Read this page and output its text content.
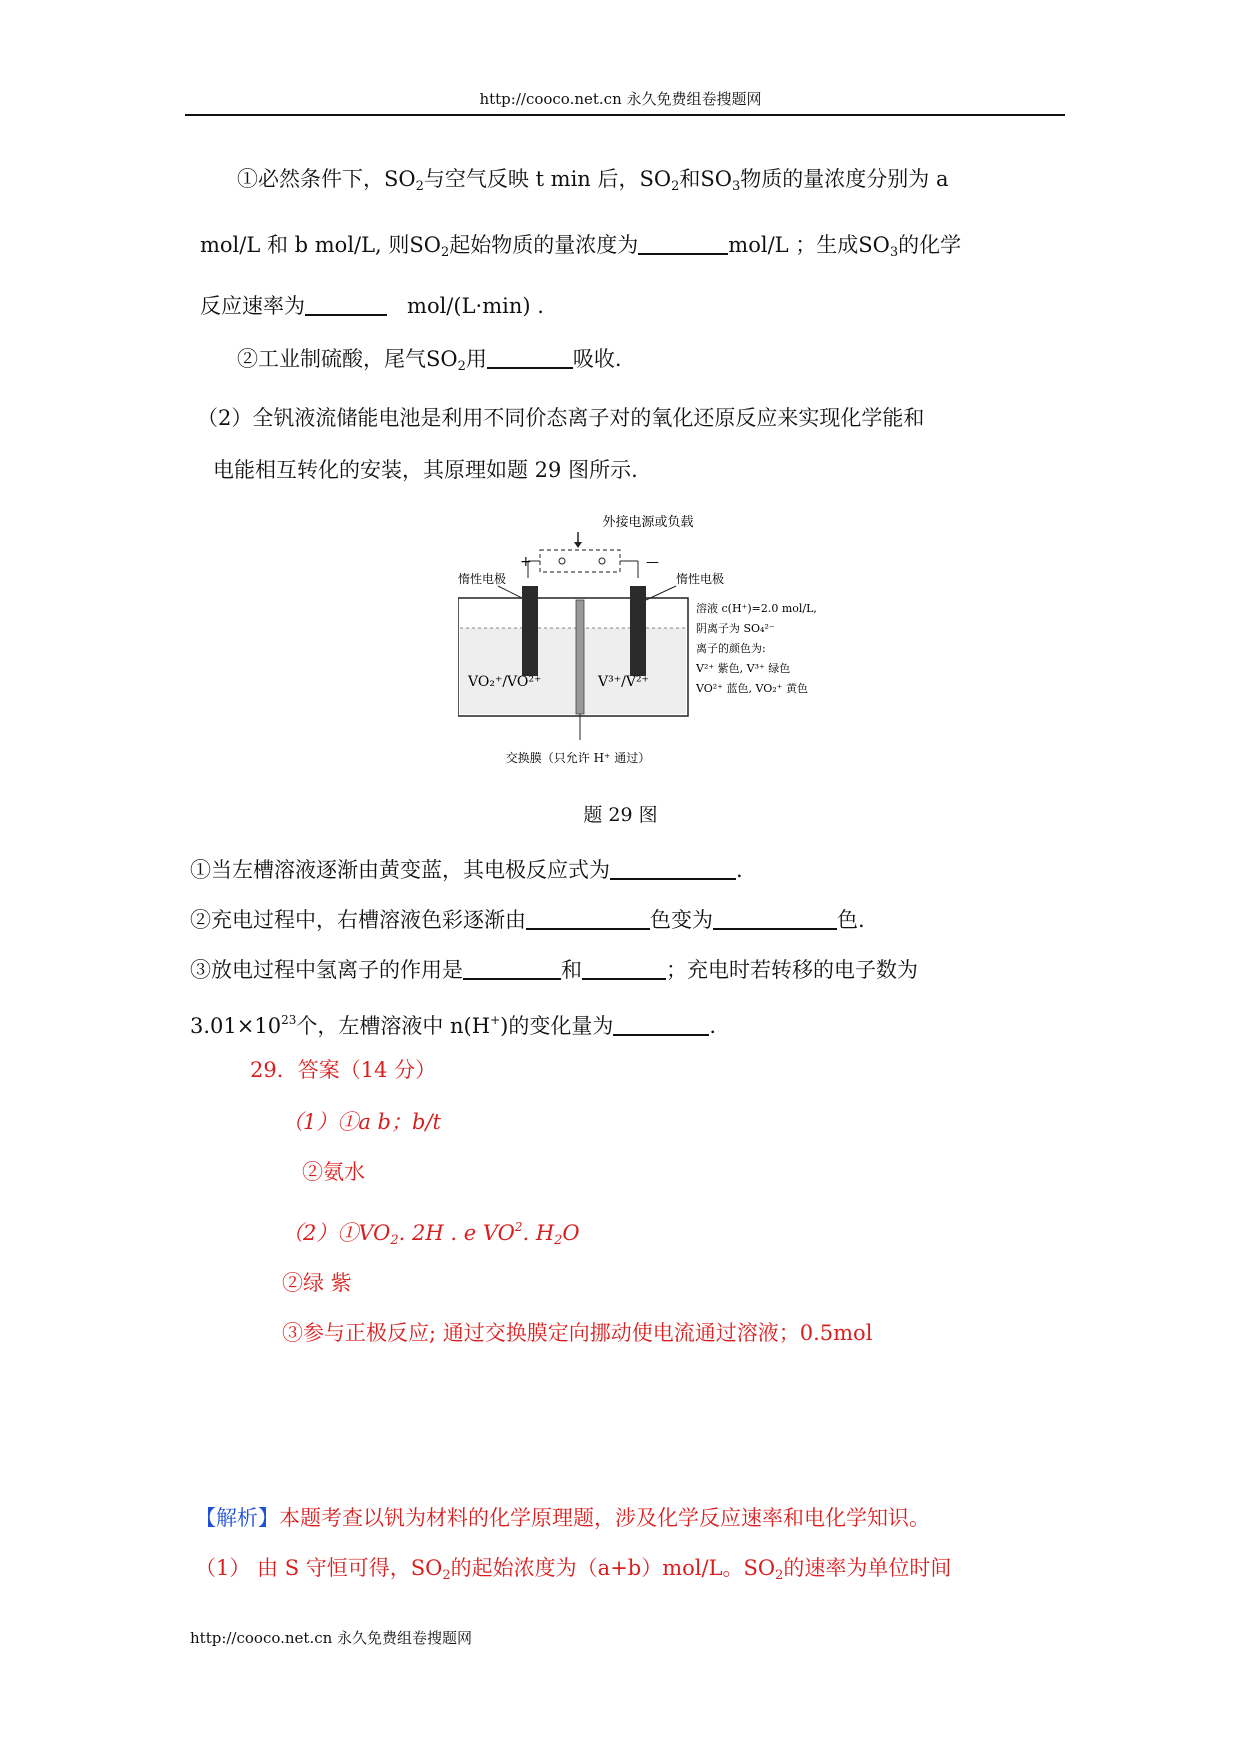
http://cooco.net.cn 永久免费组卷搜题网
①必然条件下，$SO_2$与空气反映 t min 后，$SO_2$和$SO_3$物质的量浓度分别为 a
mol/L 和 b mol/L, 则$SO_2$起始物质的量浓度为	mol/L ；生成$SO_3$的化学
反应速率为	mol/(L·min) .
②工业制硫酸，尾气$SO_2$用	吸收.
（2）全钒液流储能电池是利用不同价态离子对的氧化还原反应来实现化学能和
电能相互转化的安装，其原理如题 29 图所示.
外接电源或负载
+	—
惰性电极	惰性电极
VO₂⁺/VO²⁺	V³⁺/V²⁺
溶液 c(H⁺)=2.0 mol/L,
阴离子为 SO₄²⁻
离子的颜色为:
V²⁺ 紫色, V³⁺ 绿色
VO²⁺ 蓝色, VO₂⁺ 黄色
交换膜（只允许 H⁺ 通过）
题 29 图
①当左槽溶液逐渐由黄变蓝，其电极反应式为	.
②充电过程中，右槽溶液色彩逐渐由	色变为	色.
③放电过程中氢离子的作用是	和	；充电时若转移的电子数为
$3.01\times 10^{23}$个，左槽溶液中 n(H+)的变化量为	.
29．答案（14 分）
（1）①a b；b/t
②氨水
$(2)①VO_2$. 2H . e $VO^2$. $H_2O$
②绿 紫
③参与正极反应; 通过交换膜定向挪动使电流通过溶液；0.5mol
【解析】本题考查以钒为材料的化学原理题，涉及化学反应速率和电化学知识。
（1） 由 S 守恒可得，$SO_2$的起始浓度为（a+b）mol/L。$SO_2$的速率为单位时间
http://cooco.net.cn 永久免费组卷搜题网
